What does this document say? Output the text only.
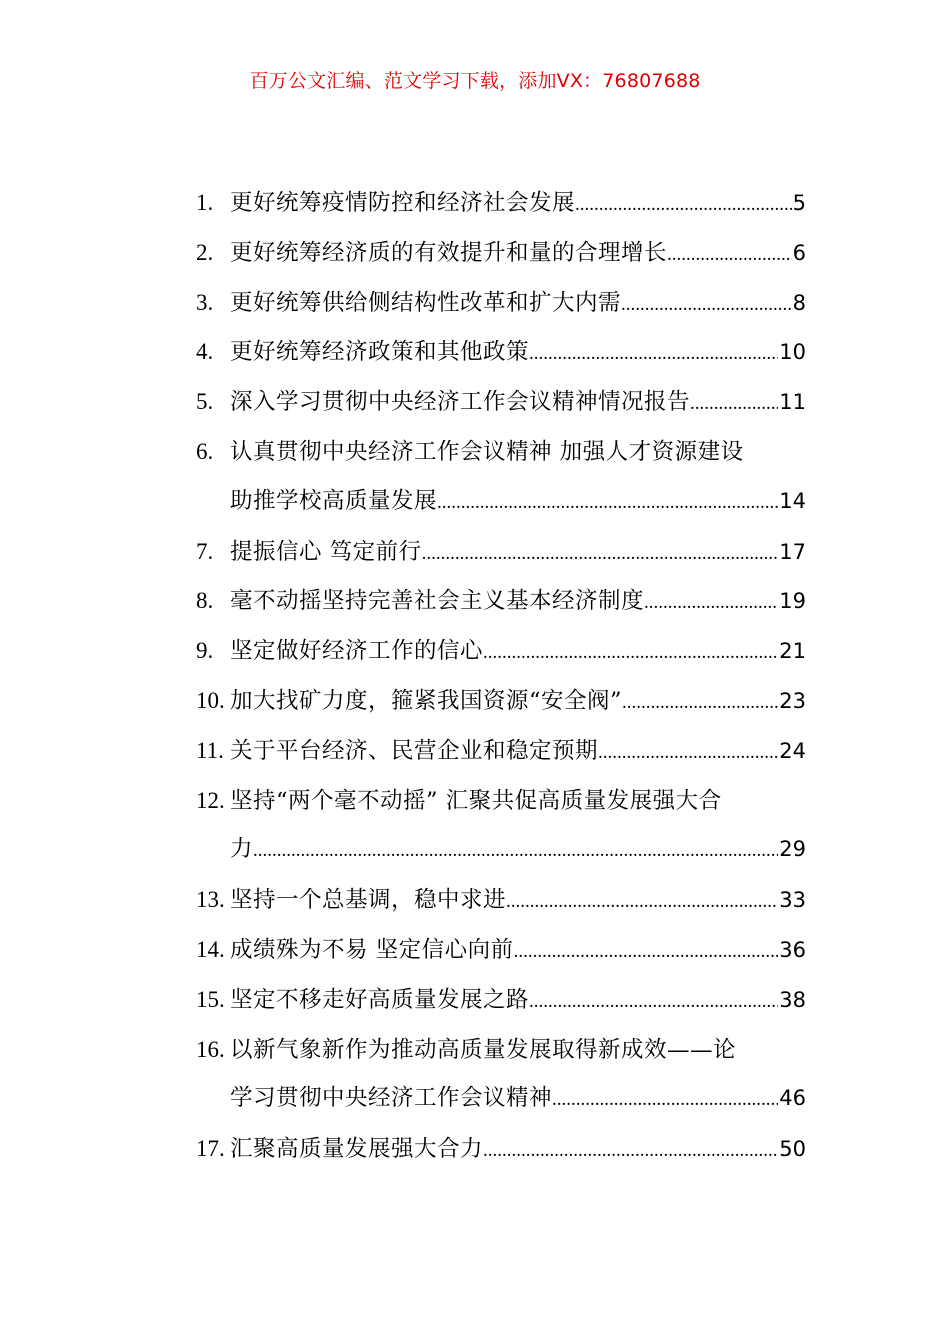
百万公文汇编、范文学习下载，添加VX：76807688
1. 更好统筹疫情防控和经济社会发展 .....	5
2. 更好统筹经济质的有效提升和量的合理增长 .....	6
3. 更好统筹供给侧结构性改革和扩大内需 .....	8
4. 更好统筹经济政策和其他政策 .....	10
5. 深入学习贯彻中央经济工作会议精神情况报告 .....	11
6. 认真贯彻中央经济工作会议精神 加强人才资源建设
助推学校高质量发展 .....	14
7. 提振信心 笃定前行 .....	17
8. 毫不动摇坚持完善社会主义基本经济制度 .....	19
9. 坚定做好经济工作的信心 .....	21
10. 加大找矿力度，箍紧我国资源“安全阀” .....	23
11. 关于平台经济、民营企业和稳定预期 .....	24
12. 坚持“两个毫不动摇” 汇聚共促高质量发展强大合
力 .....	29
13. 坚持一个总基调，稳中求进 .....	33
14. 成绩殊为不易 坚定信心向前 .....	36
15. 坚定不移走好高质量发展之路 .....	38
16. 以新气象新作为推动高质量发展取得新成效——论
学习贯彻中央经济工作会议精神 .....	46
17. 汇聚高质量发展强大合力 .....	50
